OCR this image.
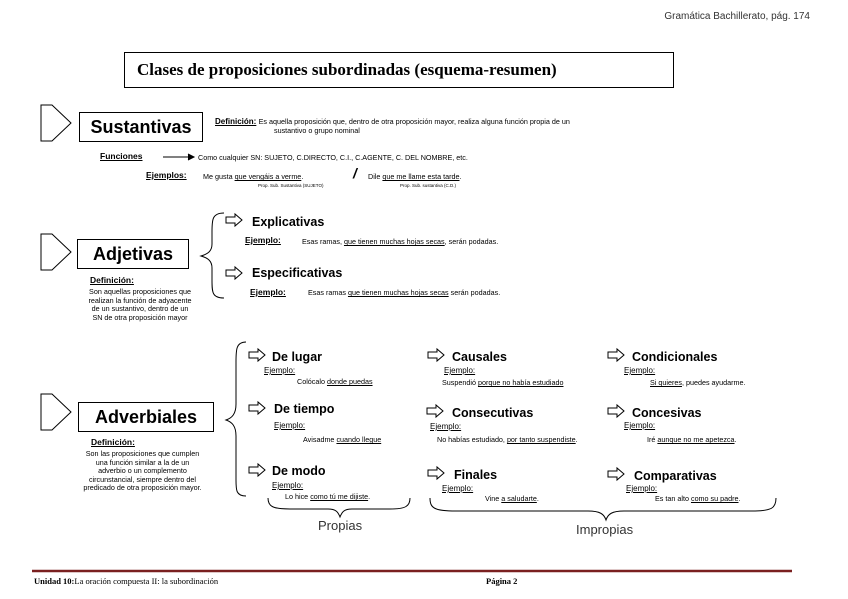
Gramática Bachillerato, pág. 174
Clases de proposiciones subordinadas (esquema-resumen)
Sustantivas	Definición: Es aquella proposición que, dentro de otra proposición mayor, realiza alguna función propia de un
sustantivo o grupo nominal
Funciones	Como cualquier SN: SUJETO, C.DIRECTO, C.I., C.AGENTE, C. DEL NOMBRE, etc.
Ejemplos: Me gusta que vengáis a verme.	/ Dile que me llame esta tarde.
Prop. Sub. Sustantiva (SUJETO)	Prop. Sub. sustantiva (C.D.)
Adjetivas
Definición:
Son aquellas proposiciones que
realizan la función de adyacente
de un sustantivo, dentro de un
SN de otra proposición mayor
Explicativas
Ejemplo:	Esas ramas, que tienen muchas hojas secas, serán podadas.
Especificativas
Ejemplo:	Esas ramas que tienen muchas hojas secas serán podadas.
Adverbiales
Definición:
Son las proposiciones que cumplen
una función similar a la de un
adverbio o un complemento
circunstancial, siempre dentro del
predicado de otra proposición mayor.
De lugar
Ejemplo:
Colócalo donde puedas
De tiempo
Ejemplo:
Avisadme cuando llegue
De modo
Ejemplo:
Lo hice como tú me dijiste.
Causales
Ejemplo:
Suspendió porque no había estudiado
Consecutivas
Ejemplo:
No habías estudiado, por tanto suspendiste.
Finales
Ejemplo:
Vine a saludarte.
Condicionales
Ejemplo:
Si quieres, puedes ayudarme.
Concesivas
Ejemplo:
Iré aunque no me apetezca.
Comparativas
Ejemplo:
Es tan alto como su padre.
Propias	Impropias
Unidad 10:La oración compuesta II: la subordinación	Página 2
